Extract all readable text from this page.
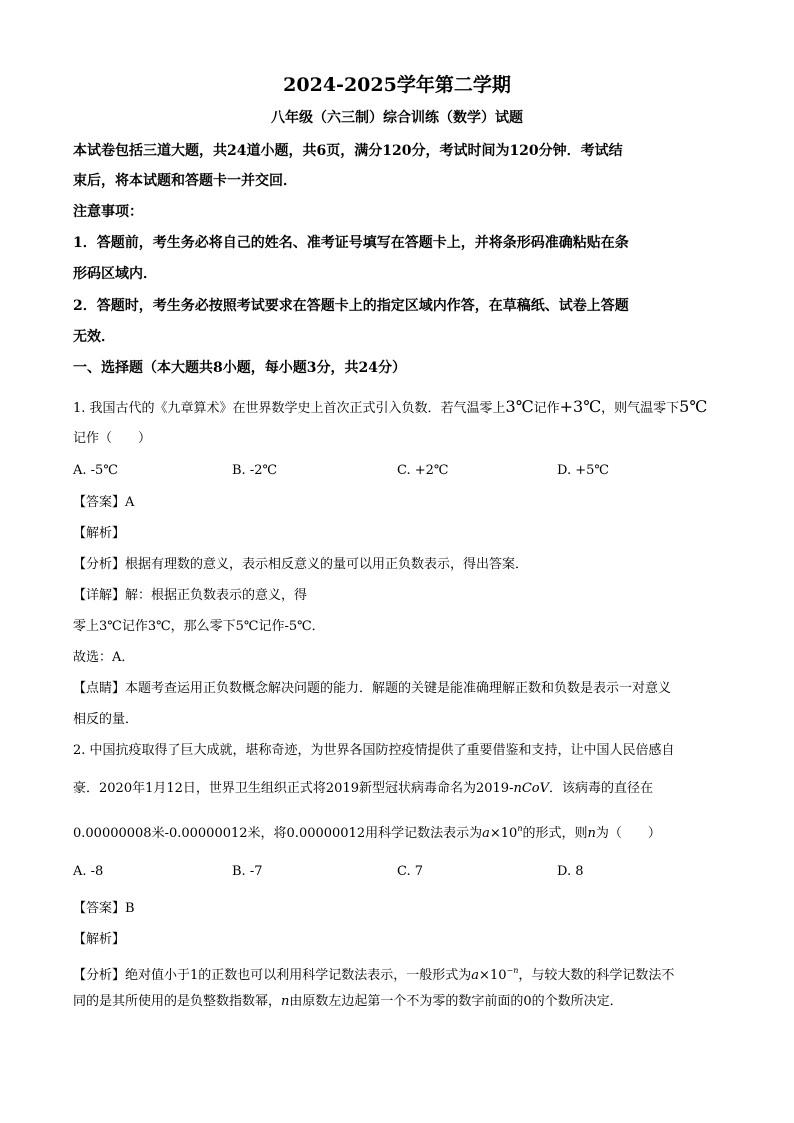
2024-2025学年第二学期
八年级（六三制）综合训练（数学）试题
本试卷包括三道大题，共24道小题，共6页，满分120分，考试时间为120分钟．考试结
束后，将本试题和答题卡一并交回．
注意事项：
1．答题前，考生务必将自己的姓名、准考证号填写在答题卡上，并将条形码准确粘贴在条
形码区域内．
2．答题时，考生务必按照考试要求在答题卡上的指定区域内作答，在草稿纸、试卷上答题
无效．
一、选择题（本大题共8小题，每小题3分，共24分）
1. 我国古代的《九章算术》在世界数学史上首次正式引入负数．若气温零上3℃记作+3℃，则气温零下5℃
记作（　　）
A. -5℃	B. -2℃	C. +2℃	D. +5℃
【答案】A
【解析】
【分析】根据有理数的意义，表示相反意义的量可以用正负数表示，得出答案．
【详解】解：根据正负数表示的意义，得
零上3℃记作3℃，那么零下5℃记作-5℃．
故选：A．
【点睛】本题考查运用正负数概念解决问题的能力．解题的关键是能准确理解正数和负数是表示一对意义
相反的量．
2. 中国抗疫取得了巨大成就，堪称奇迹，为世界各国防控疫情提供了重要借鉴和支持，让中国人民倍感自
豪．2020年1月12日，世界卫生组织正式将2019新型冠状病毒命名为2019-nCoV．该病毒的直径在
0.00000008米-0.00000012米，将0.00000012用科学记数法表示为$a\times 10^n$的形式，则n为（　　）
A. -8	B. -7	C. 7	D. 8
【答案】B
【解析】
【分析】绝对值小于1的正数也可以利用科学记数法表示，一般形式为$a\times 10^{-n}$，与较大数的科学记数法不
同的是其所使用的是负整数指数幂，n由原数左边起第一个不为零的数字前面的0的个数所决定．
